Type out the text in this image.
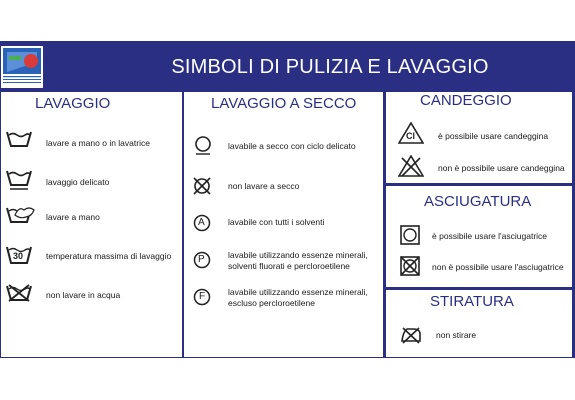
SIMBOLI DI PULIZIA E LAVAGGIO
LAVAGGIO
lavare a mano o in lavatrice
lavaggio delicato
lavare a mano
30	temperatura massima di lavaggio
non lavare in acqua
LAVAGGIO A SECCO
lavabile a secco con ciclo delicato
non lavare a secco
A	lavabile con tutti i solventi
P	lavabile utilizzando essenze minerali,
solventi fluorati e percloroetilene
F	lavabile utilizzando essenze minerali,
escluso percloroetilene
CANDEGGIO
Cl	è possibile usare candeggina
non è possibile usare candeggina
ASCIUGATURA
è possibile usare l'asciugatrice
non è possibile usare l'asciugatrice
STIRATURA
non stirare
